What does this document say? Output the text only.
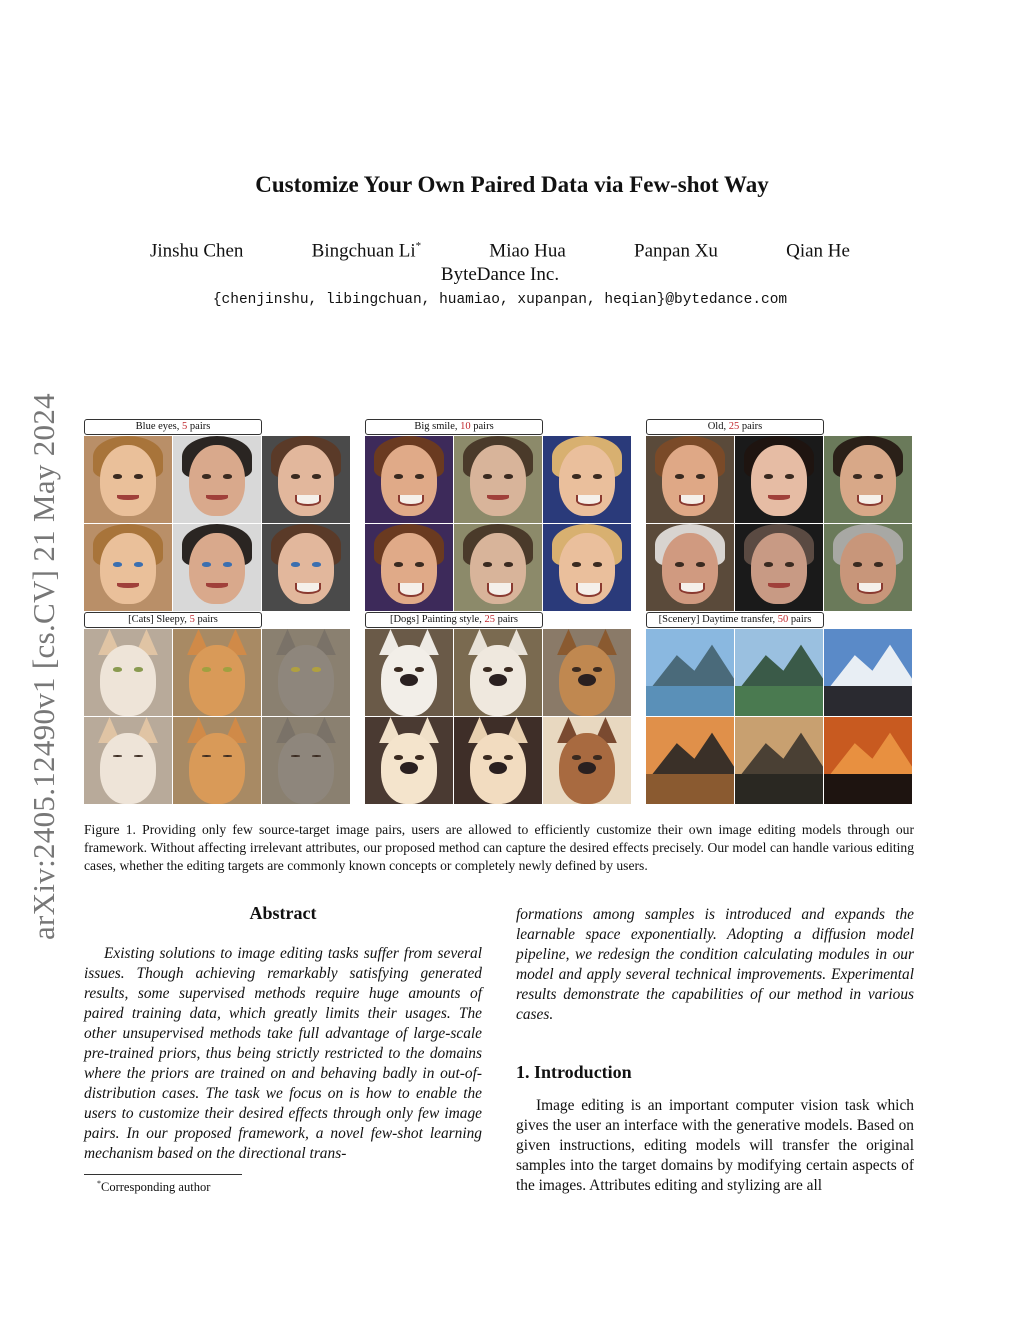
arXiv:2405.12490v1 [cs.CV] 21 May 2024
Customize Your Own Paired Data via Few-shot Way
Jinshu Chen	Bingchuan Li*	Miao Hua	Panpan Xu	Qian He
ByteDance Inc.
{chenjinshu, libingchuan, huamiao, xupanpan, heqian}@bytedance.com
Blue eyes, 5 pairs	Big smile, 10 pairs	Old, 25 pairs
[Cats] Sleepy, 5 pairs	[Dogs] Painting style, 25 pairs	[Scenery] Daytime transfer, 50 pairs
Figure 1. Providing only few source-target image pairs, users are allowed to efficiently customize their own image editing models through our framework. Without affecting irrelevant attributes, our proposed method can capture the desired effects precisely. Our model can handle various editing cases, whether the editing targets are commonly known concepts or completely newly defined by users.
Abstract

Existing solutions to image editing tasks suffer from several issues. Though achieving remarkably satisfying generated results, some supervised methods require huge amounts of paired training data, which greatly limits their usages. The other unsupervised methods take full advantage of large-scale pre-trained priors, thus being strictly restricted to the domains where the priors are trained on and behaving badly in out-of-distribution cases. The task we focus on is how to enable the users to customize their desired effects through only few image pairs. In our proposed framework, a novel few-shot learning mechanism based on the directional trans-

formations among samples is introduced and expands the learnable space exponentially. Adopting a diffusion model pipeline, we redesign the condition calculating modules in our model and apply several technical improvements. Experimental results demonstrate the capabilities of our method in various cases.

1. Introduction

Image editing is an important computer vision task which gives the user an interface with the generative models. Based on given instructions, editing models will transfer the original samples into the target domains by modifying certain aspects of the images. Attributes editing and stylizing are all

*Corresponding author
